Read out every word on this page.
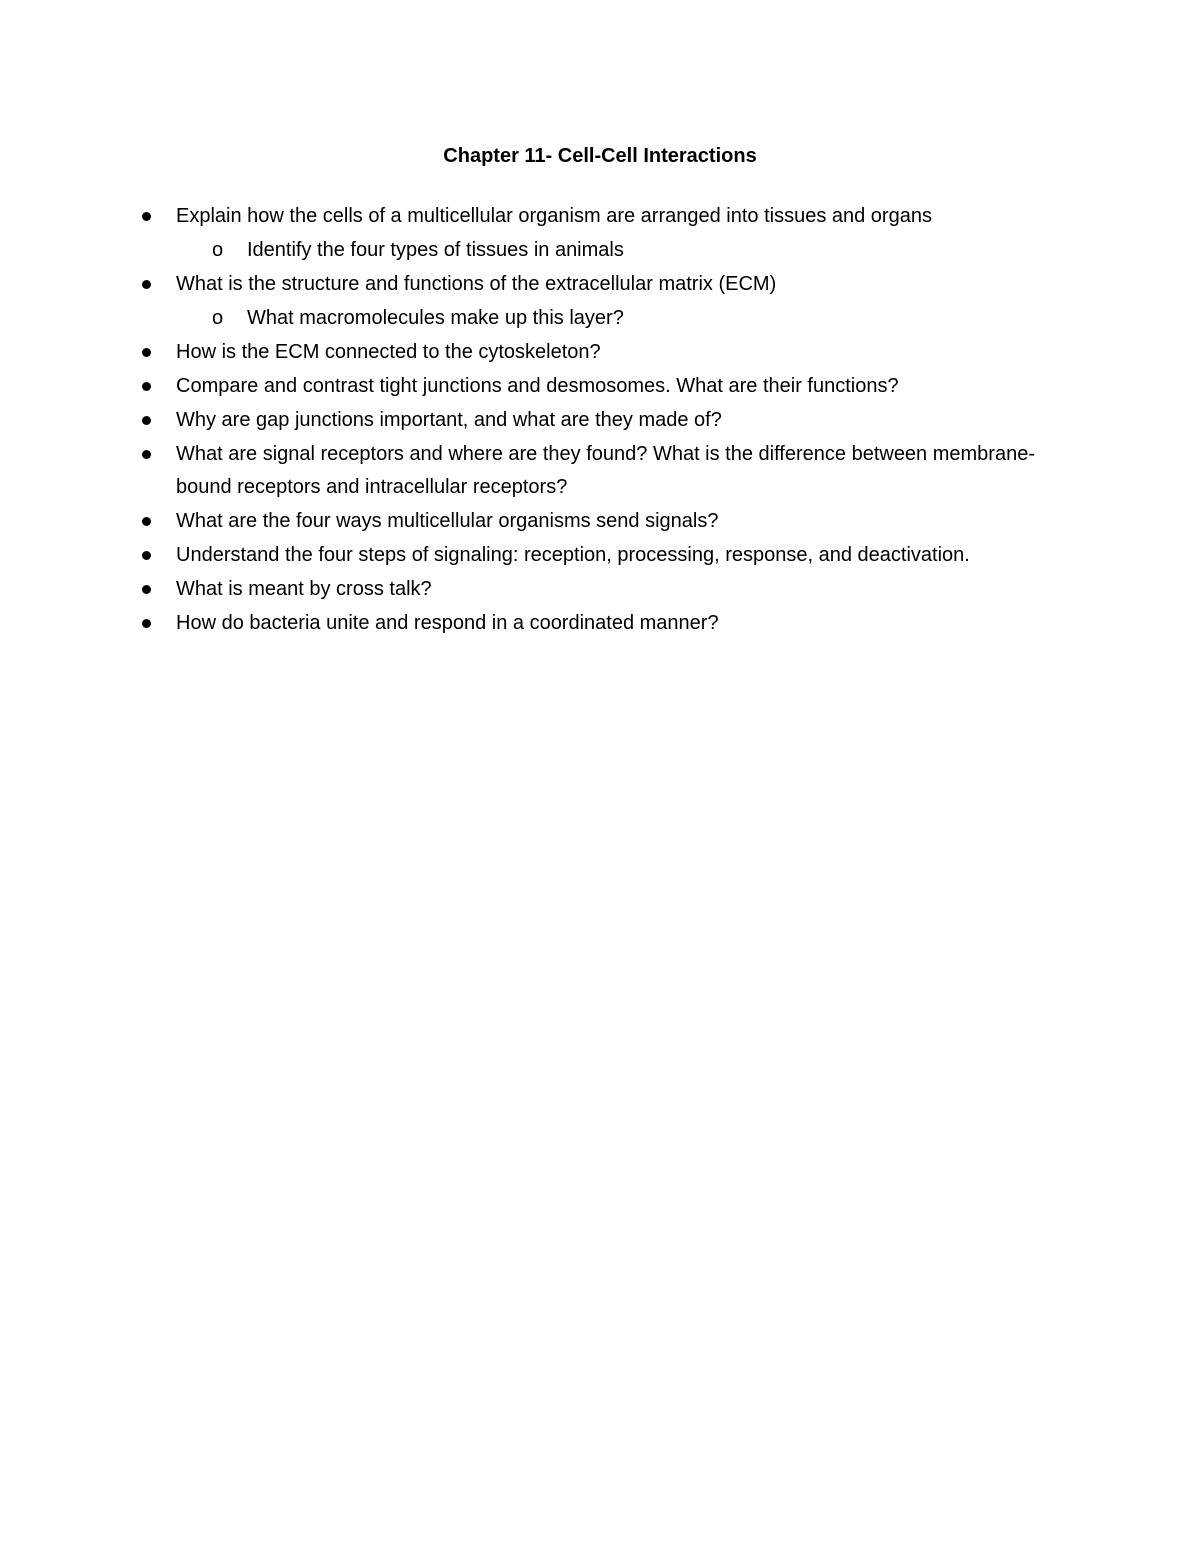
Chapter 11- Cell-Cell Interactions
Explain how the cells of a multicellular organism are arranged into tissues and organs
o Identify the four types of tissues in animals
What is the structure and functions of the extracellular matrix (ECM)
o What macromolecules make up this layer?
How is the ECM connected to the cytoskeleton?
Compare and contrast tight junctions and desmosomes. What are their functions?
Why are gap junctions important, and what are they made of?
What are signal receptors and where are they found? What is the difference between membrane-bound receptors and intracellular receptors?
What are the four ways multicellular organisms send signals?
Understand the four steps of signaling: reception, processing, response, and deactivation.
What is meant by cross talk?
How do bacteria unite and respond in a coordinated manner?
